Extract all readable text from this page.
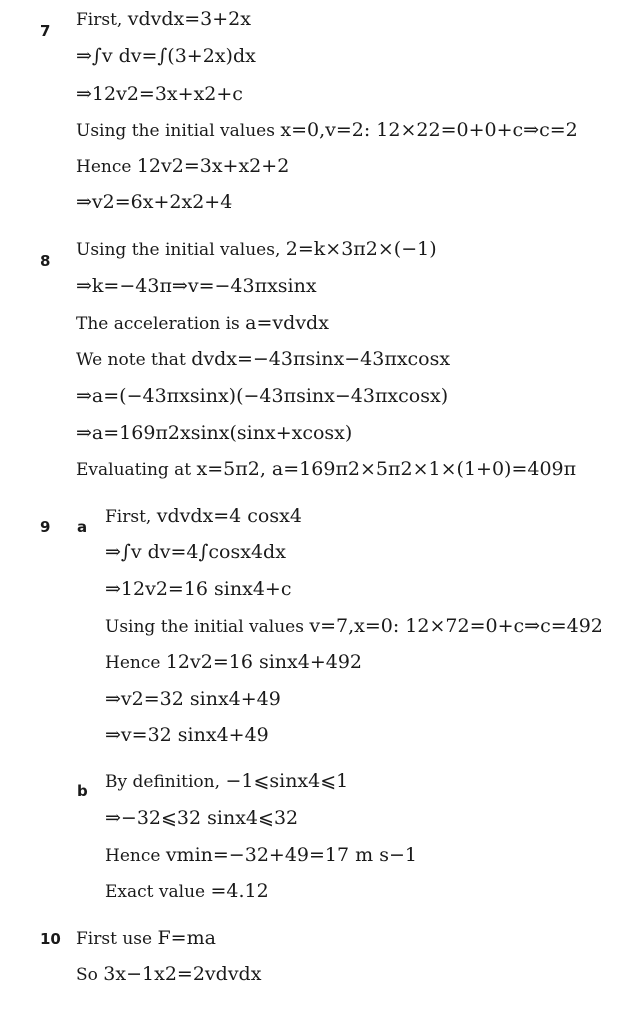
7
First, vdvdx=3+2x
⇒∫v dv=∫(3+2x)dx
⇒12v2=3x+x2+c
Using the initial values x=0,v=2: 12×22=0+0+c⇒c=2
Hence 12v2=3x+x2+2
⇒v2=6x+2x2+4
8
Using the initial values, 2=k×3π2×(−1)
⇒k=−43π⇒v=−43πxsinx
The acceleration is a=vdvdx
We note that dvdx=−43πsinx−43πxcosx
⇒a=(−43πxsinx)(−43πsinx−43πxcosx)
⇒a=169π2xsinx(sinx+xcosx)
Evaluating at x=5π2, a=169π2×5π2×1×(1+0)=409π
9 a First, vdvdx=4 cosx4
⇒∫v dv=4∫cosx4dx
⇒12v2=16 sinx4+c
Using the initial values v=7,x=0: 12×72=0+c⇒c=492
Hence 12v2=16 sinx4+492
⇒v2=32 sinx4+49
⇒v=32 sinx4+49
b By definition, −1⩽sinx4⩽1
⇒−32⩽32 sinx4⩽32
Hence vmin=−32+49=17 m s−1
Exact value =4.12
10 First use F=ma
So 3x−1x2=2vdvdx
